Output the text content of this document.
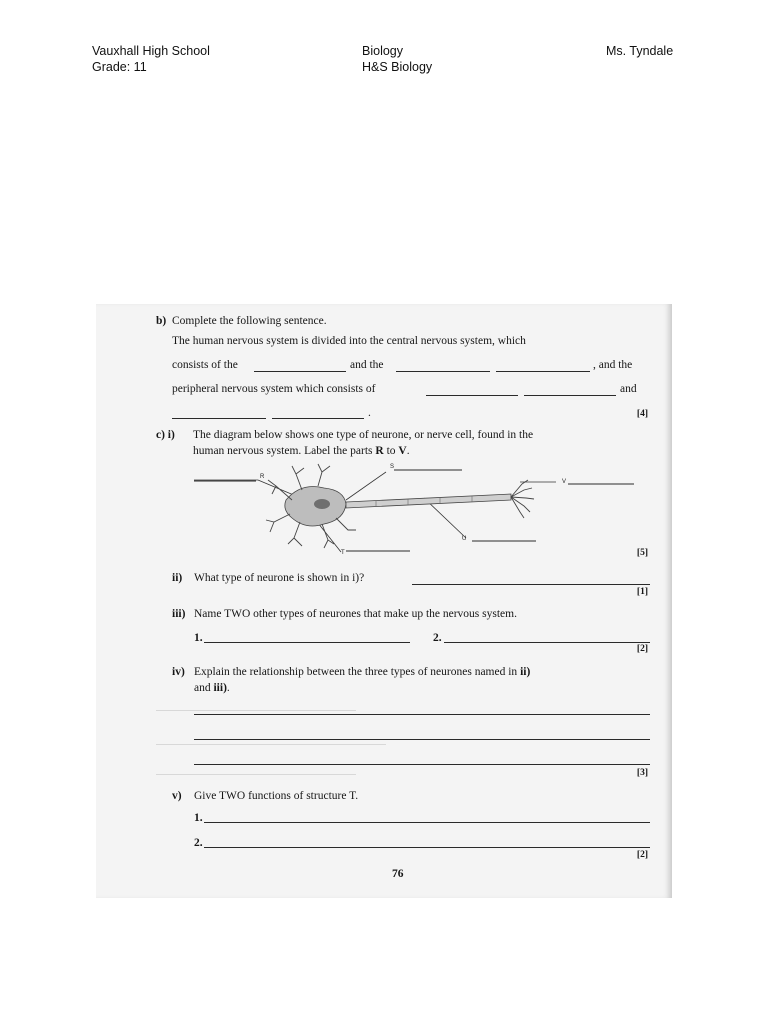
Vauxhall High School
Grade: 11
Biology
H&S Biology
Ms. Tyndale
b) Complete the following sentence.
The human nervous system is divided into the central nervous system, which
consists of the	and the	, and the
peripheral nervous system which consists of	and
.	[4]
c) i) The diagram below shows one type of neurone, or nerve cell, found in the
human nervous system. Label the parts R to V.
R
S
T
U
V
[5]
ii) What type of neurone is shown in i)?
[1]
iii) Name TWO other types of neurones that make up the nervous system.
1.	2.
[2]
iv) Explain the relationship between the three types of neurones named in ii)
and iii).
[3]
v) Give TWO functions of structure T.
1.
2.
[2]
76
